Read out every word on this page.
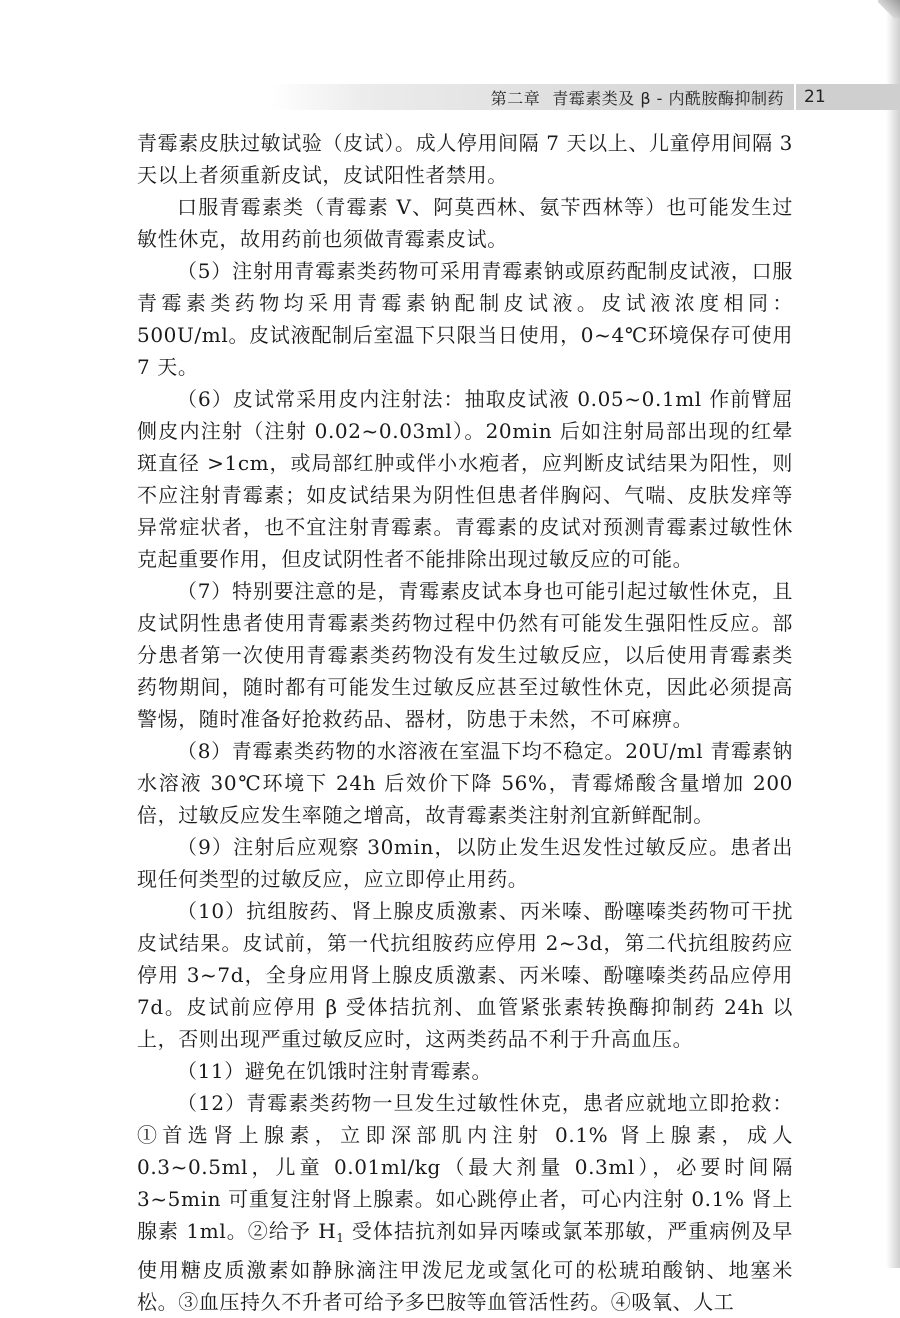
第二章 青霉素类及 β - 内酰胺酶抑制药 21

青霉素皮肤过敏试验（皮试）。成人停用间隔 7 天以上、儿童停用间隔 3 天以上者须重新皮试，皮试阳性者禁用。

口服青霉素类（青霉素 V、阿莫西林、氨苄西林等）也可能发生过敏性休克，故用药前也须做青霉素皮试。

（5）注射用青霉素类药物可采用青霉素钠或原药配制皮试液，口服青霉素类药物均采用青霉素钠配制皮试液。皮试液浓度相同：500U/ml。皮试液配制后室温下只限当日使用，0~4℃环境保存可使用 7 天。

（6）皮试常采用皮内注射法：抽取皮试液 0.05~0.1ml 作前臂屈侧皮内注射（注射 0.02~0.03ml）。20min 后如注射局部出现的红晕斑直径 >1cm，或局部红肿或伴小水疱者，应判断皮试结果为阳性，则不应注射青霉素；如皮试结果为阴性但患者伴胸闷、气喘、皮肤发痒等异常症状者，也不宜注射青霉素。青霉素的皮试对预测青霉素过敏性休克起重要作用，但皮试阴性者不能排除出现过敏反应的可能。

（7）特别要注意的是，青霉素皮试本身也可能引起过敏性休克，且皮试阴性患者使用青霉素类药物过程中仍然有可能发生强阳性反应。部分患者第一次使用青霉素类药物没有发生过敏反应，以后使用青霉素类药物期间，随时都有可能发生过敏反应甚至过敏性休克，因此必须提高警惕，随时准备好抢救药品、器材，防患于未然，不可麻痹。

（8）青霉素类药物的水溶液在室温下均不稳定。20U/ml 青霉素钠水溶液 30℃环境下 24h 后效价下降 56%，青霉烯酸含量增加 200 倍，过敏反应发生率随之增高，故青霉素类注射剂宜新鲜配制。

（9）注射后应观察 30min，以防止发生迟发性过敏反应。患者出现任何类型的过敏反应，应立即停止用药。

（10）抗组胺药、肾上腺皮质激素、丙米嗪、酚噻嗪类药物可干扰皮试结果。皮试前，第一代抗组胺药应停用 2~3d，第二代抗组胺药应停用 3~7d，全身应用肾上腺皮质激素、丙米嗪、酚噻嗪类药品应停用 7d。皮试前应停用 β 受体拮抗剂、血管紧张素转换酶抑制药 24h 以上，否则出现严重过敏反应时，这两类药品不利于升高血压。

（11）避免在饥饿时注射青霉素。

（12）青霉素类药物一旦发生过敏性休克，患者应就地立即抢救：①首选肾上腺素，立即深部肌内注射 0.1% 肾上腺素，成人 0.3~0.5ml，儿童 0.01ml/kg（最大剂量 0.3ml），必要时间隔 3~5min 可重复注射肾上腺素。如心跳停止者，可心内注射 0.1% 肾上腺素 1ml。②给予 $H_1$ 受体拮抗剂如异丙嗪或氯苯那敏，严重病例及早使用糖皮质激素如静脉滴注甲泼尼龙或氢化可的松琥珀酸钠、地塞米松。③血压持久不升者可给予多巴胺等血管活性药。④吸氧、人工
